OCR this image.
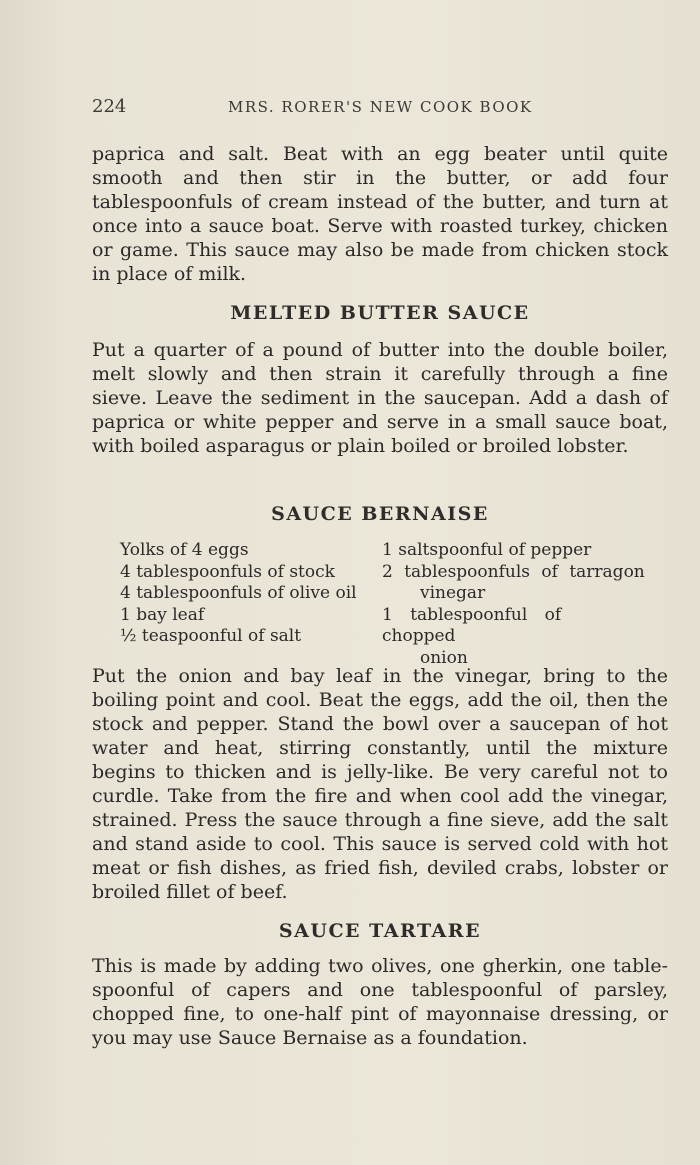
224	MRS. RORER'S NEW COOK BOOK

paprica and salt. Beat with an egg beater until quite smooth and then stir in the butter, or add four tablespoonfuls of cream instead of the butter, and turn at once into a sauce boat. Serve with roasted turkey, chicken or game. This sauce may also be made from chicken stock in place of milk.

MELTED BUTTER SAUCE

Put a quarter of a pound of butter into the double boiler, melt slowly and then strain it carefully through a fine sieve. Leave the sediment in the saucepan. Add a dash of paprica or white pepper and serve in a small sauce boat, with boiled asparagus or plain boiled or broiled lobster.

SAUCE BERNAISE
Yolks of 4 eggs
4 tablespoonfuls of stock
4 tablespoonfuls of olive oil
1 bay leaf
½ teaspoonful of salt
1 saltspoonful of pepper
2 tablespoonfuls of tarragon
vinegar
1 tablespoonful of chopped
onion

Put the onion and bay leaf in the vinegar, bring to the boiling point and cool. Beat the eggs, add the oil, then the stock and pepper. Stand the bowl over a saucepan of hot water and heat, stirring constantly, until the mixture begins to thicken and is jelly-like. Be very careful not to curdle. Take from the fire and when cool add the vinegar, strained. Press the sauce through a fine sieve, add the salt and stand aside to cool. This sauce is served cold with hot meat or fish dishes, as fried fish, deviled crabs, lobster or broiled fillet of beef.

SAUCE TARTARE

This is made by adding two olives, one gherkin, one table-spoonful of capers and one tablespoonful of parsley, chopped fine, to one-half pint of mayonnaise dressing, or you may use Sauce Bernaise as a foundation.
